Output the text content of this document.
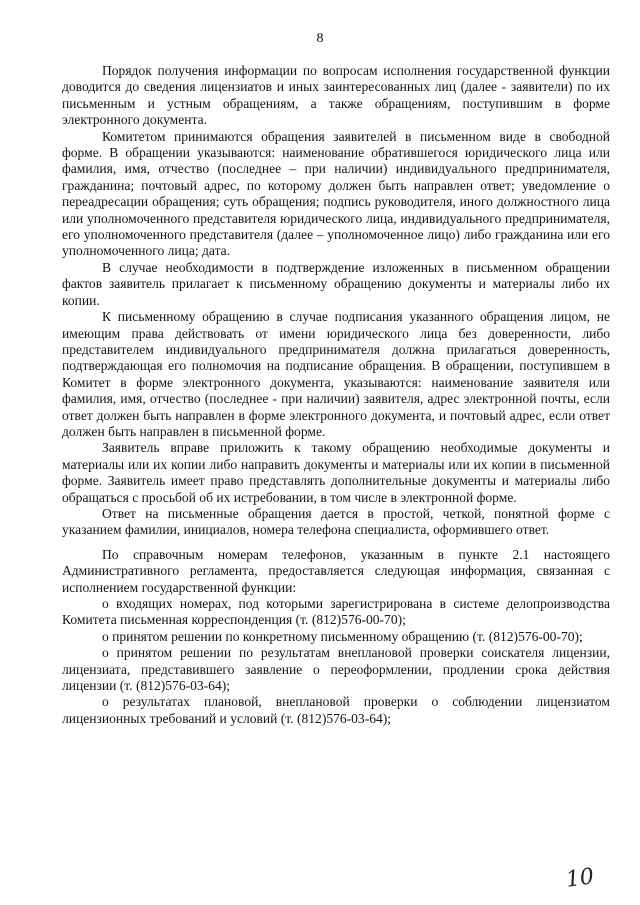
8

Порядок получения информации по вопросам исполнения государственной функции доводится до сведения лицензиатов и иных заинтересованных лиц (далее - заявители) по их письменным и устным обращениям, а также обращениям, поступившим в форме электронного документа.

Комитетом принимаются обращения заявителей в письменном виде в свободной форме. В обращении указываются: наименование обратившегося юридического лица или фамилия, имя, отчество (последнее – при наличии) индивидуального предпринимателя, гражданина; почтовый адрес, по которому должен быть направлен ответ; уведомление о переадресации обращения; суть обращения; подпись руководителя, иного должностного лица или уполномоченного представителя юридического лица, индивидуального предпринимателя, его уполномоченного представителя (далее – уполномоченное лицо) либо гражданина или его уполномоченного лица; дата.

В случае необходимости в подтверждение изложенных в письменном обращении фактов заявитель прилагает к письменному обращению документы и материалы либо их копии.

К письменному обращению в случае подписания указанного обращения лицом, не имеющим права действовать от имени юридического лица без доверенности, либо представителем индивидуального предпринимателя должна прилагаться доверенность, подтверждающая его полномочия на подписание обращения. В обращении, поступившем в Комитет в форме электронного документа, указываются: наименование заявителя или фамилия, имя, отчество (последнее - при наличии) заявителя, адрес электронной почты, если ответ должен быть направлен в форме электронного документа, и почтовый адрес, если ответ должен быть направлен в письменной форме.

Заявитель вправе приложить к такому обращению необходимые документы и материалы или их копии либо направить документы и материалы или их копии в письменной форме. Заявитель имеет право представлять дополнительные документы и материалы либо обращаться с просьбой об их истребовании, в том числе в электронной форме.

Ответ на письменные обращения дается в простой, четкой, понятной форме с указанием фамилии, инициалов, номера телефона специалиста, оформившего ответ.

По справочным номерам телефонов, указанным в пункте 2.1 настоящего Административного регламента, предоставляется следующая информация, связанная с исполнением государственной функции:

о входящих номерах, под которыми зарегистрирована в системе делопроизводства Комитета письменная корреспонденция (т. (812)576-00-70);

о принятом решении по конкретному письменному обращению (т. (812)576-00-70);

о принятом решении по результатам внеплановой проверки соискателя лицензии, лицензиата, представившего заявление о переоформлении, продлении срока действия лицензии (т. (812)576-03-64);

о результатах плановой, внеплановой проверки о соблюдении лицензиатом лицензионных требований и условий (т. (812)576-03-64);

10
